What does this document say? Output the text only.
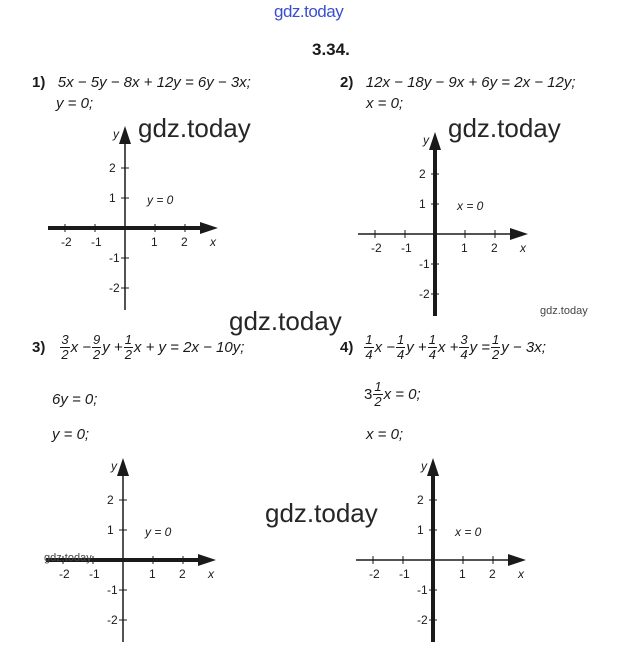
gdz.today
3.34.
1) 5x − 5y − 8x + 12y = 6y − 3x;
y = 0;
2) 12x − 18y − 9x + 6y = 2x − 12y;
x = 0;
$3) \frac{3}{2}$ $x - \frac{9}{2}$ $y + \frac{1}{2}$ x + y = 2x − 10y;
6y = 0;
y = 0;
$4) \frac{1}{4}$ $x - \frac{1}{4}$ $y + \frac{1}{4}$ $x + \frac{3}{4}$ $y = \frac{1}{2}$ y − 3x;
$3 \frac{1}{2}$ x = 0;
x = 0;
x
y
-2 -1	1 2
2
1
-1
-2
y = 0
x
y
-2 -1	1 2
2
1
-1
-2
x = 0
x
y
-2 -1	1 2
2
1
-1
-2
y = 0
x
y
-2 -1	1 2
2
1
-1
-2
x = 0
gdz.today	gdz.today
gdz.today
gdz.today
gdz.today
gdz.today
